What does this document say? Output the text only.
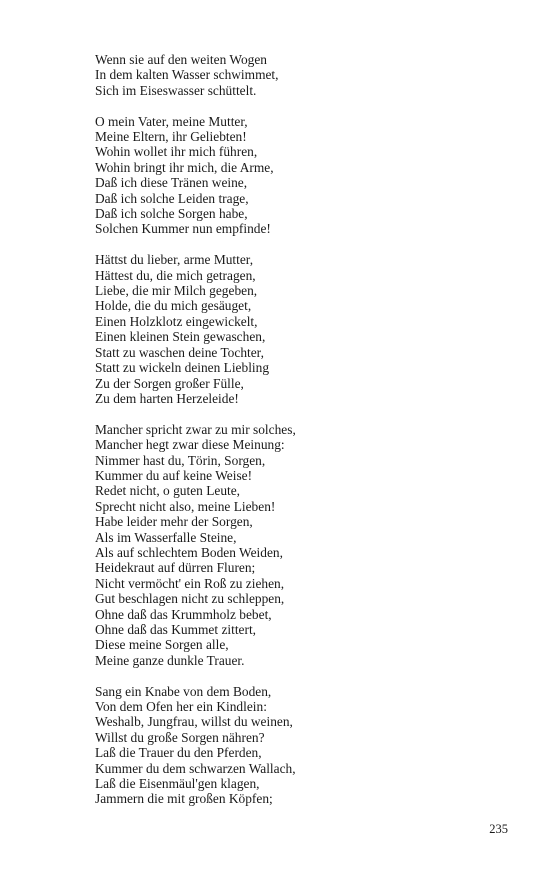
Wenn sie auf den weiten Wogen
In dem kalten Wasser schwimmet,
Sich im Eiseswasser schüttelt.
O mein Vater, meine Mutter,
Meine Eltern, ihr Geliebten!
Wohin wollet ihr mich führen,
Wohin bringt ihr mich, die Arme,
Daß ich diese Tränen weine,
Daß ich solche Leiden trage,
Daß ich solche Sorgen habe,
Solchen Kummer nun empfinde!
Hättst du lieber, arme Mutter,
Hättest du, die mich getragen,
Liebe, die mir Milch gegeben,
Holde, die du mich gesäuget,
Einen Holzklotz eingewickelt,
Einen kleinen Stein gewaschen,
Statt zu waschen deine Tochter,
Statt zu wickeln deinen Liebling
Zu der Sorgen großer Fülle,
Zu dem harten Herzeleide!
Mancher spricht zwar zu mir solches,
Mancher hegt zwar diese Meinung:
Nimmer hast du, Törin, Sorgen,
Kummer du auf keine Weise!
Redet nicht, o guten Leute,
Sprecht nicht also, meine Lieben!
Habe leider mehr der Sorgen,
Als im Wasserfalle Steine,
Als auf schlechtem Boden Weiden,
Heidekraut auf dürren Fluren;
Nicht vermöcht' ein Roß zu ziehen,
Gut beschlagen nicht zu schleppen,
Ohne daß das Krummholz bebet,
Ohne daß das Kummet zittert,
Diese meine Sorgen alle,
Meine ganze dunkle Trauer.
Sang ein Knabe von dem Boden,
Von dem Ofen her ein Kindlein:
Weshalb, Jungfrau, willst du weinen,
Willst du große Sorgen nähren?
Laß die Trauer du den Pferden,
Kummer du dem schwarzen Wallach,
Laß die Eisenmäul'gen klagen,
Jammern die mit großen Köpfen;
235
